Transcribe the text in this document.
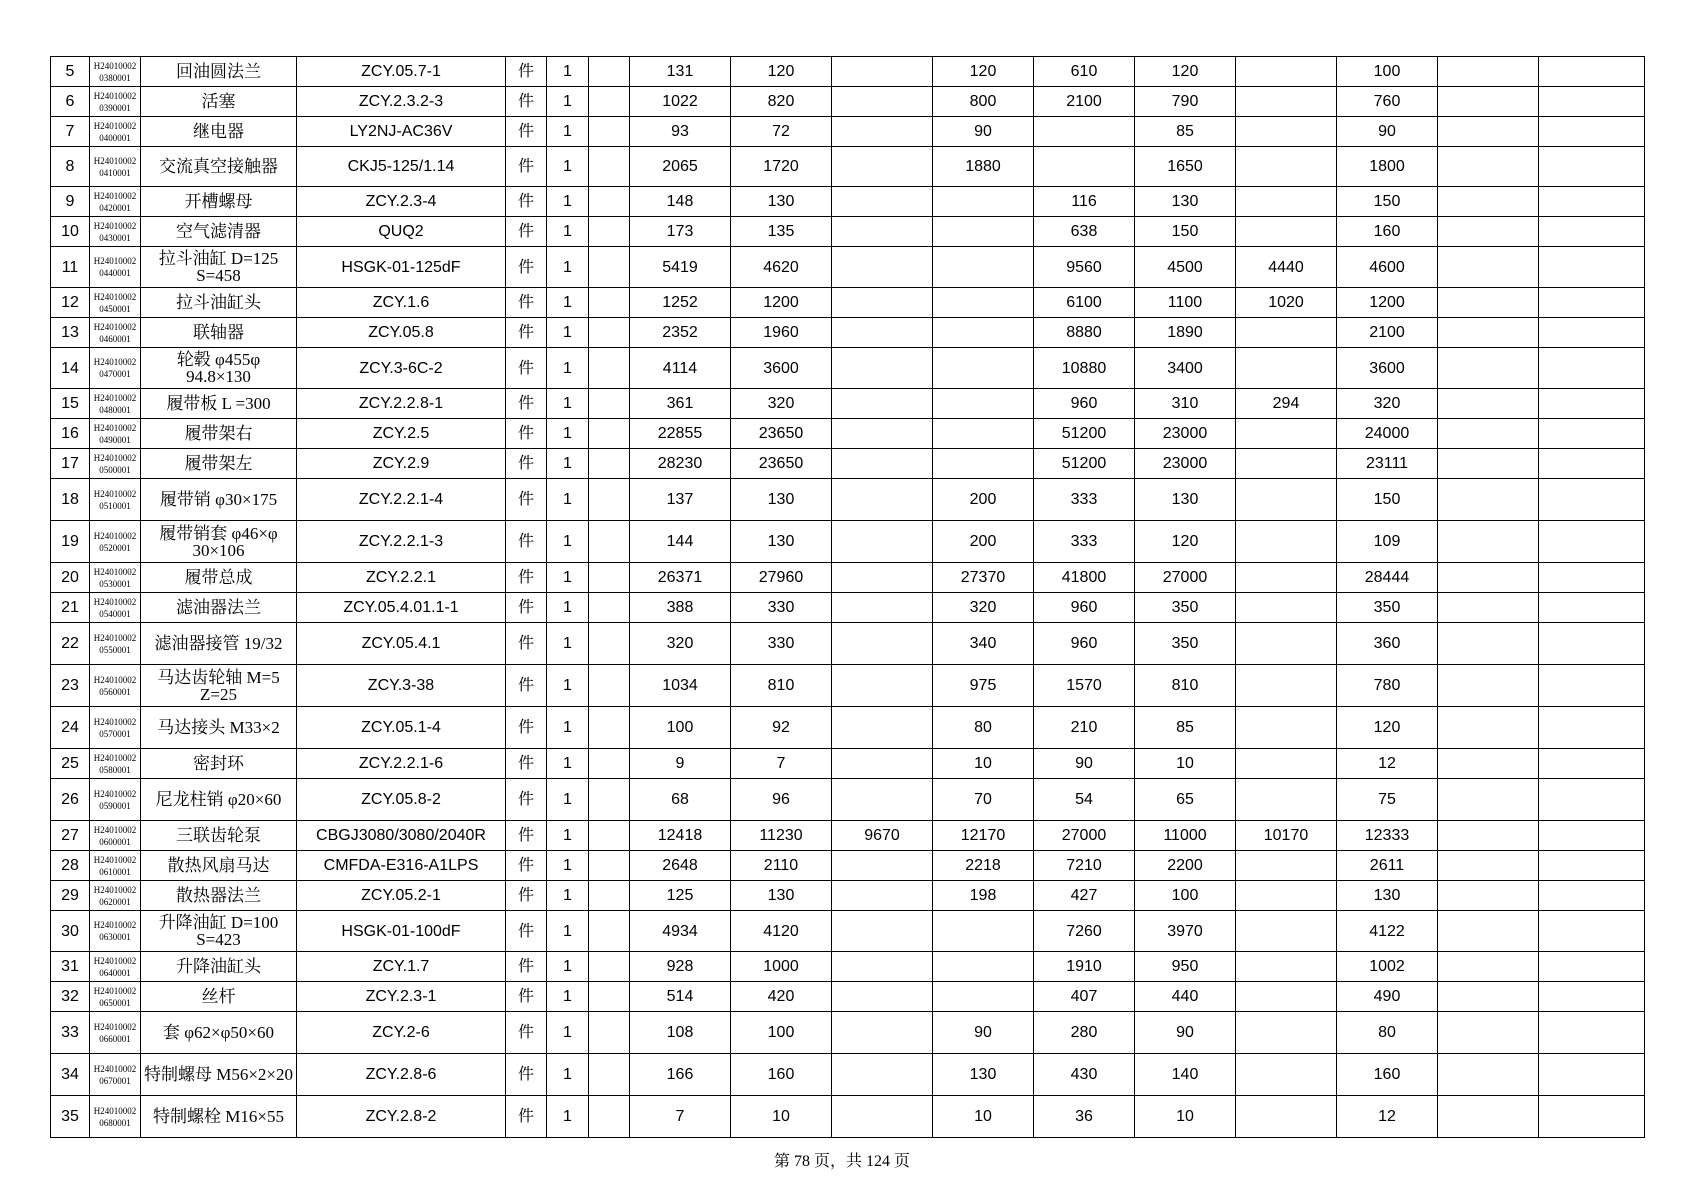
5	H24010002 0380001	回油圆法兰	ZCY.05.7-1	件	1		131	120		120	610	120		100		
6	H24010002 0390001	活塞	ZCY.2.3.2-3	件	1		1022	820		800	2100	790		760		
7	H24010002 0400001	继电器	LY2NJ-AC36V	件	1		93	72		90		85		90		
8	H24010002 0410001	交流真空接触器	CKJ5-125/1.14	件	1		2065	1720		1880		1650		1800		
9	H24010002 0420001	开槽螺母	ZCY.2.3-4	件	1		148	130			116	130		150		
10	H24010002 0430001	空气滤清器	QUQ2	件	1		173	135			638	150		160		
11	H24010002 0440001	拉斗油缸 D=125 S=458	HSGK-01-125dF	件	1		5419	4620			9560	4500	4440	4600		
12	H24010002 0450001	拉斗油缸头	ZCY.1.6	件	1		1252	1200			6100	1100	1020	1200		
13	H24010002 0460001	联轴器	ZCY.05.8	件	1		2352	1960			8880	1890		2100		
14	H24010002 0470001	轮毂 φ455φ 94.8×130	ZCY.3-6C-2	件	1		4114	3600			10880	3400		3600		
15	H24010002 0480001	履带板 L =300	ZCY.2.2.8-1	件	1		361	320			960	310	294	320		
16	H24010002 0490001	履带架右	ZCY.2.5	件	1		22855	23650			51200	23000		24000		
17	H24010002 0500001	履带架左	ZCY.2.9	件	1		28230	23650			51200	23000		23111		
18	H24010002 0510001	履带销 φ30×175	ZCY.2.2.1-4	件	1		137	130		200	333	130		150		
19	H24010002 0520001	履带销套 φ46×φ 30×106	ZCY.2.2.1-3	件	1		144	130		200	333	120		109		
20	H24010002 0530001	履带总成	ZCY.2.2.1	件	1		26371	27960		27370	41800	27000		28444		
21	H24010002 0540001	滤油器法兰	ZCY.05.4.01.1-1	件	1		388	330		320	960	350		350		
22	H24010002 0550001	滤油器接管 19/32	ZCY.05.4.1	件	1		320	330		340	960	350		360		
23	H24010002 0560001	马达齿轮轴 M=5 Z=25	ZCY.3-38	件	1		1034	810		975	1570	810		780		
24	H24010002 0570001	马达接头 M33×2	ZCY.05.1-4	件	1		100	92		80	210	85		120		
25	H24010002 0580001	密封环	ZCY.2.2.1-6	件	1		9	7		10	90	10		12		
26	H24010002 0590001	尼龙柱销 φ20×60	ZCY.05.8-2	件	1		68	96		70	54	65		75		
27	H24010002 0600001	三联齿轮泵	CBGJ3080/3080/2040R	件	1		12418	11230	9670	12170	27000	11000	10170	12333		
28	H24010002 0610001	散热风扇马达	CMFDA-E316-A1LPS	件	1		2648	2110		2218	7210	2200		2611		
29	H24010002 0620001	散热器法兰	ZCY.05.2-1	件	1		125	130		198	427	100		130		
30	H24010002 0630001	升降油缸 D=100 S=423	HSGK-01-100dF	件	1		4934	4120			7260	3970		4122		
31	H24010002 0640001	升降油缸头	ZCY.1.7	件	1		928	1000			1910	950		1002		
32	H24010002 0650001	丝杆	ZCY.2.3-1	件	1		514	420			407	440		490		
33	H24010002 0660001	套 φ62×φ50×60	ZCY.2-6	件	1		108	100		90	280	90		80		
34	H24010002 0670001	特制螺母 M56×2×20	ZCY.2.8-6	件	1		166	160		130	430	140		160		
35	H24010002 0680001	特制螺栓 M16×55	ZCY.2.8-2	件	1		7	10		10	36	10		12		
第 78 页，共 124 页
